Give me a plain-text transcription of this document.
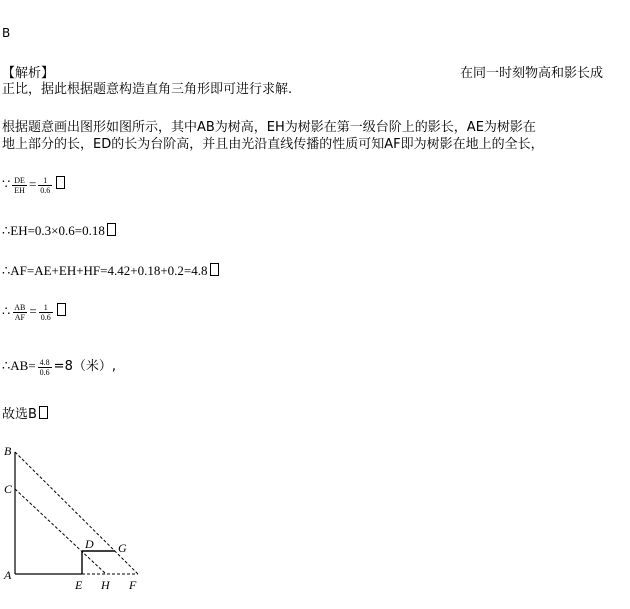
B
【解析】	在同一时刻物高和影长成
正比，据此根据题意构造直角三角形即可进行求解.
根据题意画出图形如图所示，其中AB为树高，EH为树影在第一级台阶上的影长，AE为树影在
地上部分的长，ED的长为台阶高，并且由光沿直线传播的性质可知AF即为树影在地上的全长，
∵ $\frac{DE}{EH} = \frac{1}{0.6}$
∴EH=0.3×0.6=0.18
∴AF=AE+EH+HF=4.42+0.18+0.2=4.8
∴ $\frac{AB}{AF} = \frac{1}{0.6}$
∴AB= $\frac{4.8}{0.6} =8$（米）,
故选B
B
C
A
D G
E H F
